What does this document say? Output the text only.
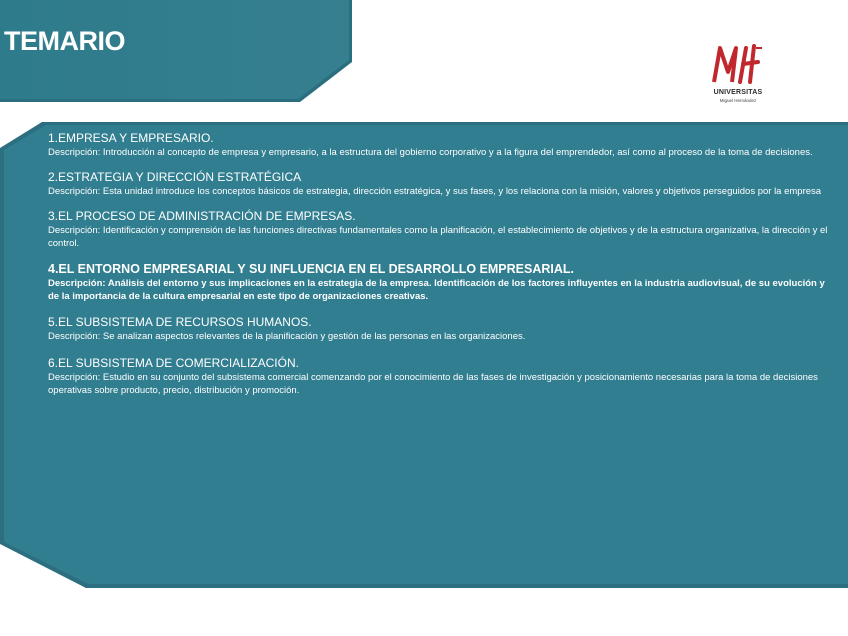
TEMARIO
UNIVERSITAS
Miguel Hernández

1.EMPRESA Y EMPRESARIO.

Descripción: Introducción al concepto de empresa y empresario, a la estructura del gobierno corporativo y a la figura del emprendedor, así como al proceso de la toma de decisiones.

2.ESTRATEGIA Y DIRECCIÓN ESTRATÉGICA

Descripción: Esta unidad introduce los conceptos básicos de estrategia, dirección estratégica, y sus fases, y los relaciona con la misión, valores y objetivos perseguidos por la empresa

3.EL PROCESO DE ADMINISTRACIÓN DE EMPRESAS.

Descripción: Identificación y comprensión de las funciones directivas fundamentales como la planificación, el establecimiento de objetivos y de la estructura organizativa, la dirección y el control.

4.EL ENTORNO EMPRESARIAL Y SU INFLUENCIA EN EL DESARROLLO EMPRESARIAL.

Descripción: Análisis del entorno y sus implicaciones en la estrategia de la empresa. Identificación de los factores influyentes en la industria audiovisual, de su evolución y de la importancia de la cultura empresarial en este tipo de organizaciones creativas.

5.EL SUBSISTEMA DE RECURSOS HUMANOS.

Descripción: Se analizan aspectos relevantes de la planificación y gestión de las personas en las organizaciones.

6.EL SUBSISTEMA DE COMERCIALIZACIÓN.

Descripción: Estudio en su conjunto del subsistema comercial comenzando por el conocimiento de las fases de investigación y posicionamiento necesarias para la toma de decisiones operativas sobre producto, precio, distribución y promoción.
